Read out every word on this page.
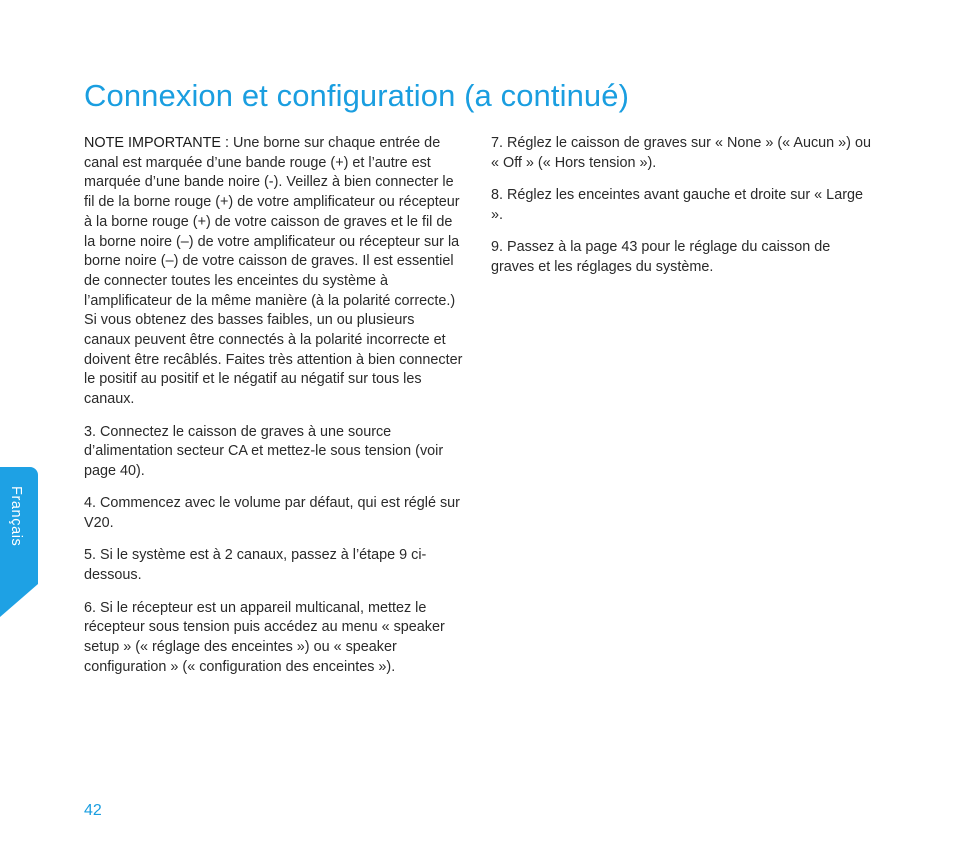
Connexion et configuration (a continué)

NOTE IMPORTANTE : Une borne sur chaque entrée de canal est marquée d’une bande rouge (+) et l’autre est marquée d’une bande noire (-). Veillez à bien connecter le fil de la borne rouge (+) de votre amplificateur ou récepteur à la borne rouge (+) de votre caisson de graves et le fil de la borne noire (–) de votre amplificateur ou récepteur sur la borne noire (–) de votre caisson de graves. Il est essentiel de connecter toutes les enceintes du système à l’amplificateur de la même manière (à la polarité correcte.) Si vous obtenez des basses faibles, un ou plusieurs canaux peuvent être connectés à la polarité incorrecte et doivent être recâblés. Faites très attention à bien connecter le positif au positif et le négatif au négatif sur tous les canaux.

3. Connectez le caisson de graves à une source d’alimentation secteur CA et mettez-le sous tension (voir page 40).

4. Commencez avec le volume par défaut, qui est réglé sur V20.

5. Si le système est à 2 canaux, passez à l’étape 9 ci-dessous.

6. Si le récepteur est un appareil multicanal, mettez le récepteur sous tension puis accédez au menu « speaker setup » (« réglage des enceintes ») ou « speaker configuration » (« configuration des enceintes »).

7. Réglez le caisson de graves sur « None » (« Aucun ») ou « Off » (« Hors tension »).

8. Réglez les enceintes avant gauche et droite sur « Large ».

9. Passez à la page 43 pour le réglage du caisson de graves et les réglages du système.

Français
42
